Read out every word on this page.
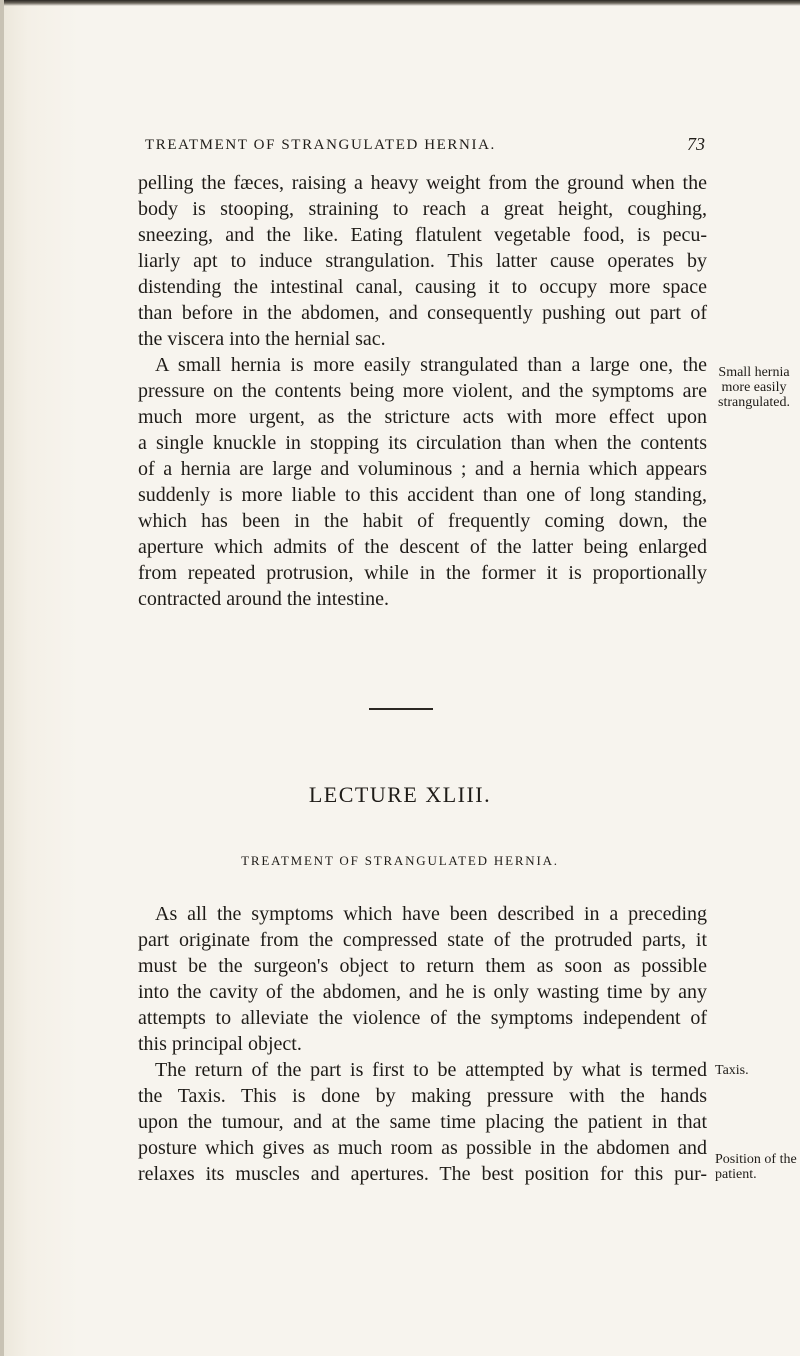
TREATMENT OF STRANGULATED HERNIA.	73
pelling the fæces, raising a heavy weight from the ground when the
body is stooping, straining to reach a great height, coughing,
sneezing, and the like. Eating flatulent vegetable food, is pecu-
liarly apt to induce strangulation. This latter cause operates by
distending the intestinal canal, causing it to occupy more space
than before in the abdomen, and consequently pushing out part of
the viscera into the hernial sac.
A small hernia is more easily strangulated than a large one, the
pressure on the contents being more violent, and the symptoms are
much more urgent, as the stricture acts with more effect upon
a single knuckle in stopping its circulation than when the contents
of a hernia are large and voluminous ; and a hernia which appears
suddenly is more liable to this accident than one of long standing,
which has been in the habit of frequently coming down, the
aperture which admits of the descent of the latter being enlarged
from repeated protrusion, while in the former it is proportionally
contracted around the intestine.
Small hernia
more easily
strangulated.
LECTURE XLIII.
TREATMENT OF STRANGULATED HERNIA.
As all the symptoms which have been described in a preceding
part originate from the compressed state of the protruded parts, it
must be the surgeon's object to return them as soon as possible
into the cavity of the abdomen, and he is only wasting time by any
attempts to alleviate the violence of the symptoms independent of
this principal object.
The return of the part is first to be attempted by what is termed
the Taxis. This is done by making pressure with the hands
upon the tumour, and at the same time placing the patient in that
posture which gives as much room as possible in the abdomen and
relaxes its muscles and apertures. The best position for this pur-
Taxis.
Position of the
patient.
